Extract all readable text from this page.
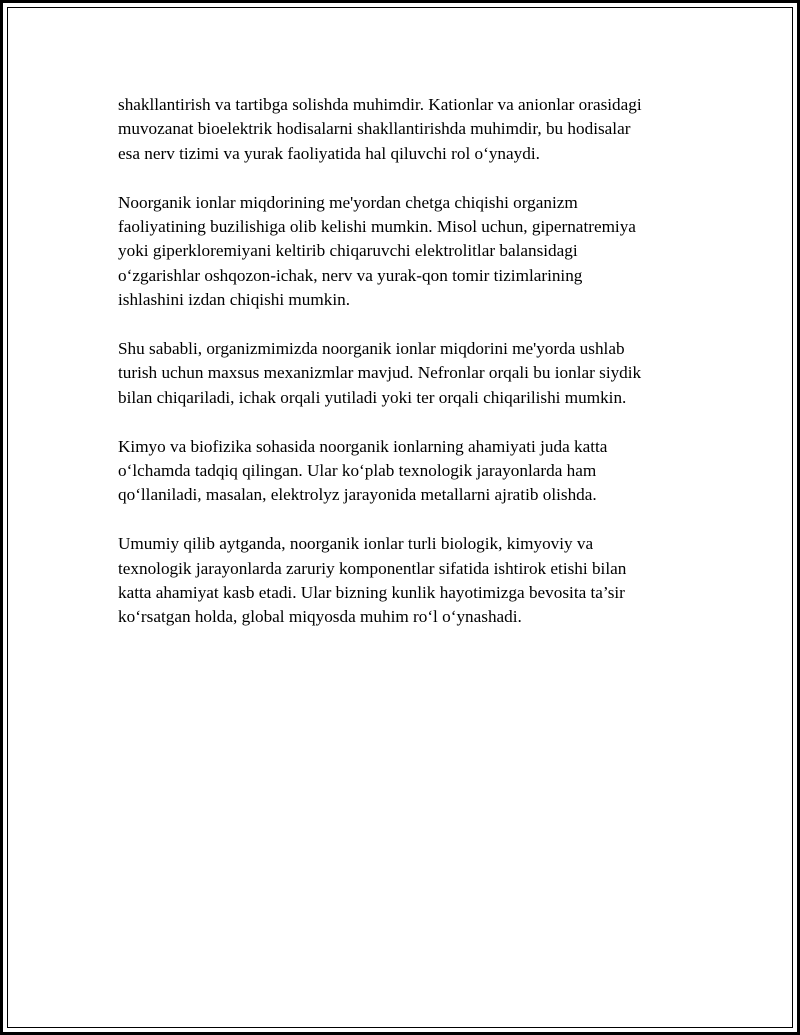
shakllantirish va tartibga solishda muhimdir. Kationlar va anionlar orasidagi
muvozanat bioelektrik hodisalarni shakllantirishda muhimdir, bu hodisalar
esa nerv tizimi va yurak faoliyatida hal qiluvchi rol o‘ynaydi.

Noorganik ionlar miqdorining me'yordan chetga chiqishi organizm
faoliyatining buzilishiga olib kelishi mumkin. Misol uchun, gipernatremiya
yoki giperkloremiyani keltirib chiqaruvchi elektrolitlar balansidagi
o‘zgarishlar oshqozon-ichak, nerv va yurak-qon tomir tizimlarining
ishlashini izdan chiqishi mumkin.

Shu sababli, organizmimizda noorganik ionlar miqdorini me'yorda ushlab
turish uchun maxsus mexanizmlar mavjud. Nefronlar orqali bu ionlar siydik
bilan chiqariladi, ichak orqali yutiladi yoki ter orqali chiqarilishi mumkin.

Kimyo va biofizika sohasida noorganik ionlarning ahamiyati juda katta
o‘lchamda tadqiq qilingan. Ular ko‘plab texnologik jarayonlarda ham
qo‘llaniladi, masalan, elektrolyz jarayonida metallarni ajratib olishda.

Umumiy qilib aytganda, noorganik ionlar turli biologik, kimyoviy va
texnologik jarayonlarda zaruriy komponentlar sifatida ishtirok etishi bilan
katta ahamiyat kasb etadi. Ular bizning kunlik hayotimizga bevosita ta’sir
ko‘rsatgan holda, global miqyosda muhim ro‘l o‘ynashadi.
